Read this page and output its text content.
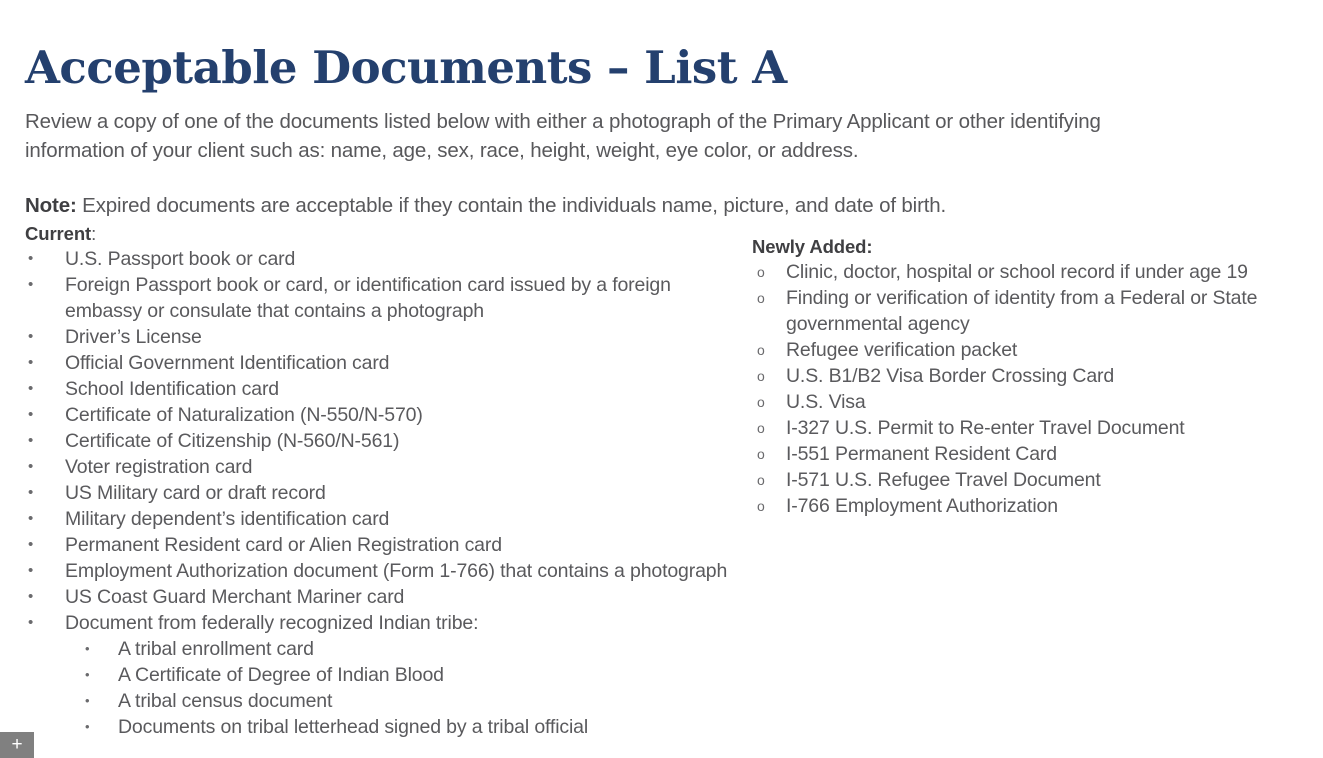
Acceptable Documents – List A

Review a copy of one of the documents listed below with either a photograph of the Primary Applicant or other identifying information of your client such as: name, age, sex, race, height, weight, eye color, or address.

Note: Expired documents are acceptable if they contain the individuals name, picture, and date of birth.

Current:
• U.S. Passport book or card
• Foreign Passport book or card, or identification card issued by a foreign embassy or consulate that contains a photograph
• Driver’s License
• Official Government Identification card
• School Identification card
• Certificate of Naturalization (N-550/N-570)
• Certificate of Citizenship (N-560/N-561)
• Voter registration card
• US Military card or draft record
• Military dependent’s identification card
• Permanent Resident card or Alien Registration card
• Employment Authorization document (Form 1-766) that contains a photograph
• US Coast Guard Merchant Mariner card
• Document from federally recognized Indian tribe:
• A tribal enrollment card
• A Certificate of Degree of Indian Blood
• A tribal census document
• Documents on tribal letterhead signed by a tribal official
Newly Added:
o Clinic, doctor, hospital or school record if under age 19
o Finding or verification of identity from a Federal or State governmental agency
o Refugee verification packet
o U.S. B1/B2 Visa Border Crossing Card
o U.S. Visa
o I-327 U.S. Permit to Re-enter Travel Document
o I-551 Permanent Resident Card
o I-571 U.S. Refugee Travel Document
o I-766 Employment Authorization
+
